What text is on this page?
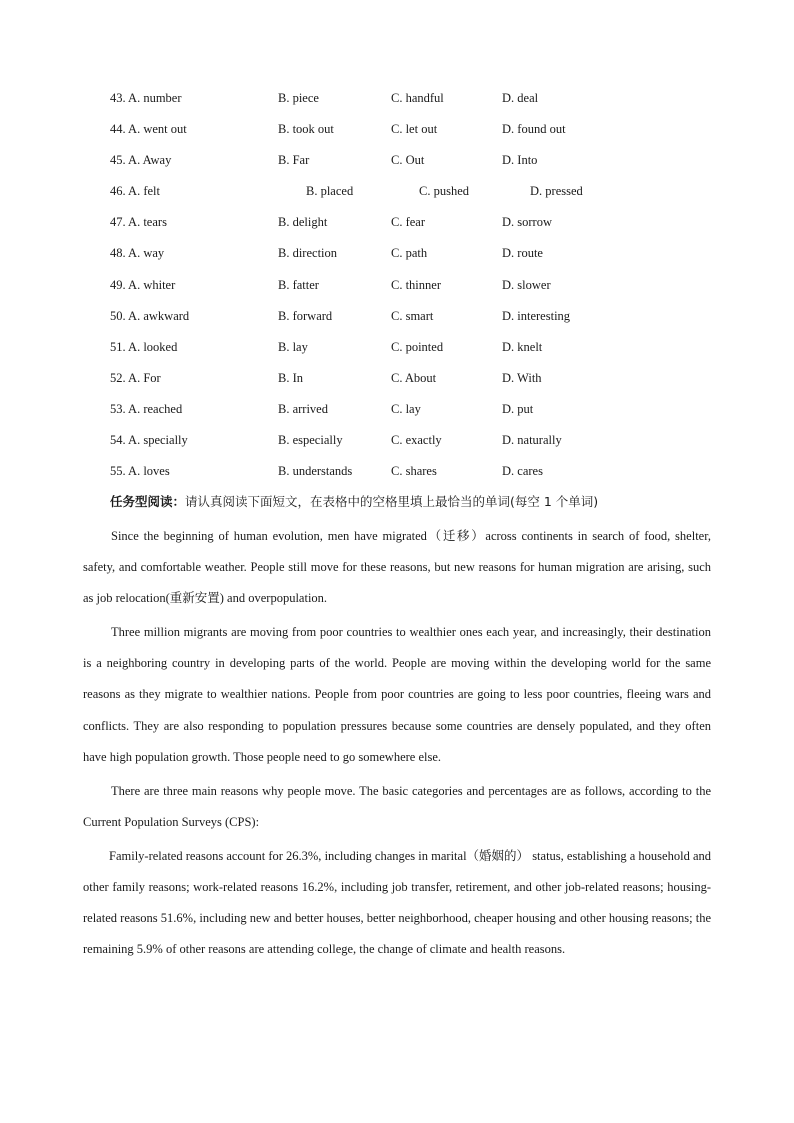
43. A. number	B. piece	C. handful	D. deal
44. A. went out	B. took out	C. let out	D. found out
45. A. Away	B. Far	C. Out	D. Into
46. A. felt	B. placed	C. pushed	D. pressed
47. A. tears	B. delight	C. fear	D. sorrow
48. A. way	B. direction	C. path	D. route
49. A. whiter	B. fatter	C. thinner	D. slower
50. A. awkward	B. forward	C. smart	D. interesting
51. A. looked	B. lay	C. pointed	D. knelt
52. A. For	B. In	C. About	D. With
53. A. reached	B. arrived	C. lay	D. put
54. A. specially	B. especially	C. exactly	D. naturally
55. A. loves	B. understands	C. shares	D. cares
任务型阅读：请认真阅读下面短文，在表格中的空格里填上最恰当的单词(每空 1 个单词)

Since the beginning of human evolution, men have migrated（迁移）across continents in search of food, shelter, safety, and comfortable weather. People still move for these reasons, but new reasons for human migration are arising, such as job relocation(重新安置) and overpopulation.

Three million migrants are moving from poor countries to wealthier ones each year, and increasingly, their destination is a neighboring country in developing parts of the world. People are moving within the developing world for the same reasons as they migrate to wealthier nations. People from poor countries are going to less poor countries, fleeing wars and conflicts. They are also responding to population pressures because some countries are densely populated, and they often have high population growth. Those people need to go somewhere else.

There are three main reasons why people move. The basic categories and percentages are as follows, according to the Current Population Surveys (CPS):

Family-related reasons account for 26.3%, including changes in marital（婚姻的） status, establishing a household and other family reasons; work-related reasons 16.2%, including job transfer, retirement, and other job-related reasons; housing-related reasons 51.6%, including new and better houses, better neighborhood, cheaper housing and other housing reasons; the remaining 5.9% of other reasons are attending college, the change of climate and health reasons.
